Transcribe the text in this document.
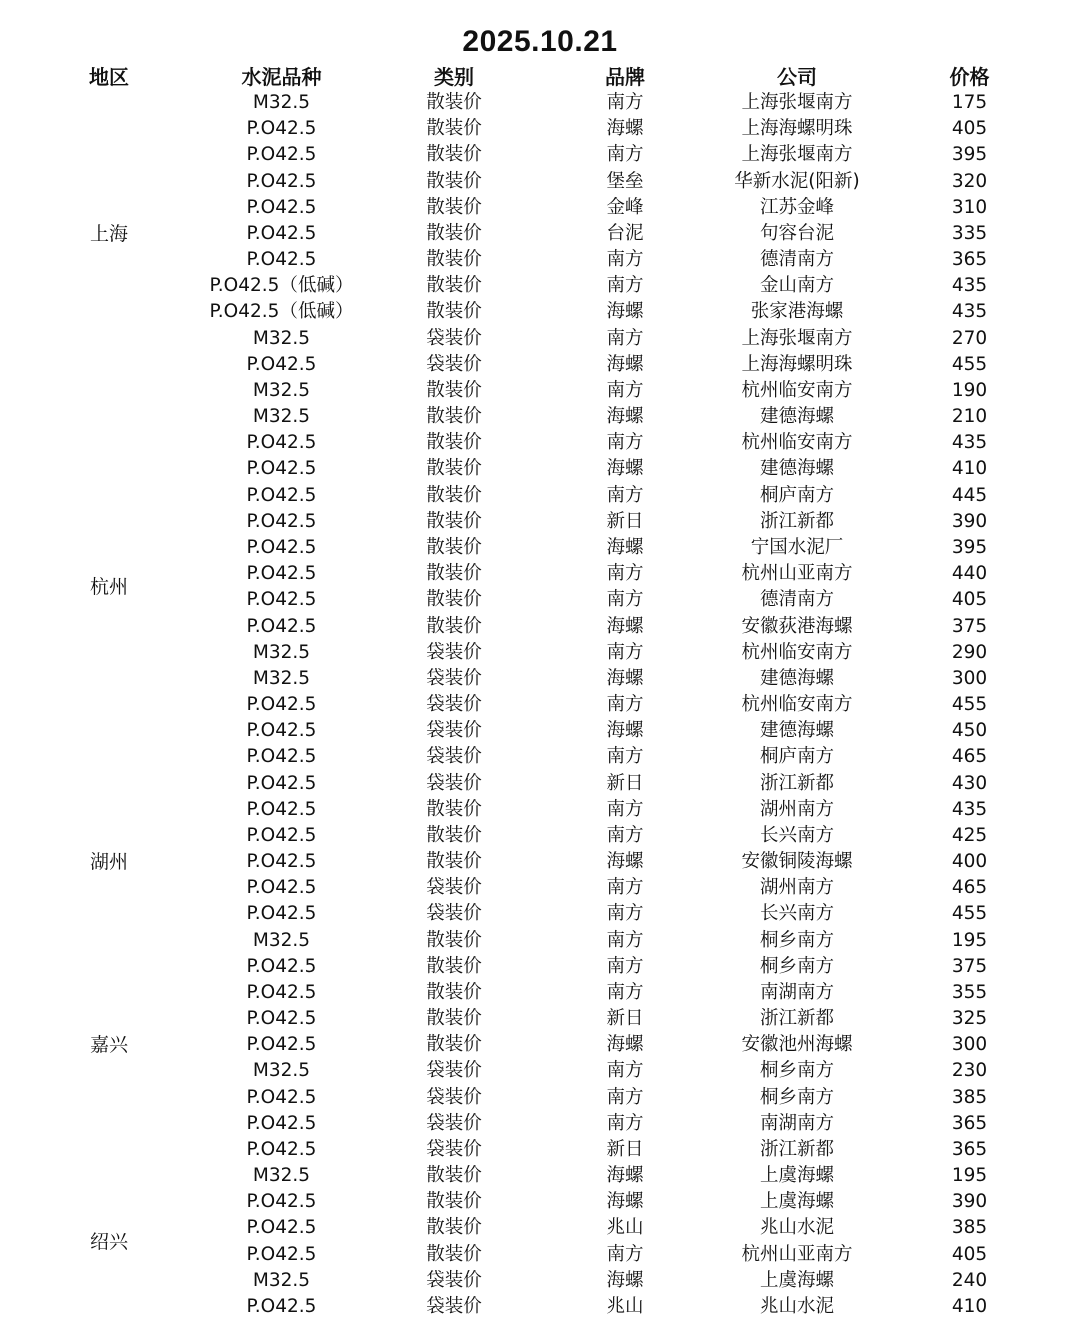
2025.10.21
地区	水泥品种	类别	品牌	公司	价格
上海	M32.5	散装价	南方	上海张堰南方	175
	P.O42.5	散装价	海螺	上海海螺明珠	405
	P.O42.5	散装价	南方	上海张堰南方	395
	P.O42.5	散装价	堡垒	华新水泥(阳新)	320
	P.O42.5	散装价	金峰	江苏金峰	310
	P.O42.5	散装价	台泥	句容台泥	335
	P.O42.5	散装价	南方	德清南方	365
	P.O42.5（低碱）	散装价	南方	金山南方	435
	P.O42.5（低碱）	散装价	海螺	张家港海螺	435
	M32.5	袋装价	南方	上海张堰南方	270
	P.O42.5	袋装价	海螺	上海海螺明珠	455
杭州	M32.5	散装价	南方	杭州临安南方	190
	M32.5	散装价	海螺	建德海螺	210
	P.O42.5	散装价	南方	杭州临安南方	435
	P.O42.5	散装价	海螺	建德海螺	410
	P.O42.5	散装价	南方	桐庐南方	445
	P.O42.5	散装价	新日	浙江新都	390
	P.O42.5	散装价	海螺	宁国水泥厂	395
	P.O42.5	散装价	南方	杭州山亚南方	440
	P.O42.5	散装价	南方	德清南方	405
	P.O42.5	散装价	海螺	安徽荻港海螺	375
	M32.5	袋装价	南方	杭州临安南方	290
	M32.5	袋装价	海螺	建德海螺	300
	P.O42.5	袋装价	南方	杭州临安南方	455
	P.O42.5	袋装价	海螺	建德海螺	450
	P.O42.5	袋装价	南方	桐庐南方	465
	P.O42.5	袋装价	新日	浙江新都	430
湖州	P.O42.5	散装价	南方	湖州南方	435
	P.O42.5	散装价	南方	长兴南方	425
	P.O42.5	散装价	海螺	安徽铜陵海螺	400
	P.O42.5	袋装价	南方	湖州南方	465
	P.O42.5	袋装价	南方	长兴南方	455
嘉兴	M32.5	散装价	南方	桐乡南方	195
	P.O42.5	散装价	南方	桐乡南方	375
	P.O42.5	散装价	南方	南湖南方	355
	P.O42.5	散装价	新日	浙江新都	325
	P.O42.5	散装价	海螺	安徽池州海螺	300
	M32.5	袋装价	南方	桐乡南方	230
	P.O42.5	袋装价	南方	桐乡南方	385
	P.O42.5	袋装价	南方	南湖南方	365
	P.O42.5	袋装价	新日	浙江新都	365
绍兴	M32.5	散装价	海螺	上虞海螺	195
	P.O42.5	散装价	海螺	上虞海螺	390
	P.O42.5	散装价	兆山	兆山水泥	385
	P.O42.5	散装价	南方	杭州山亚南方	405
	M32.5	袋装价	海螺	上虞海螺	240
	P.O42.5	袋装价	兆山	兆山水泥	410
